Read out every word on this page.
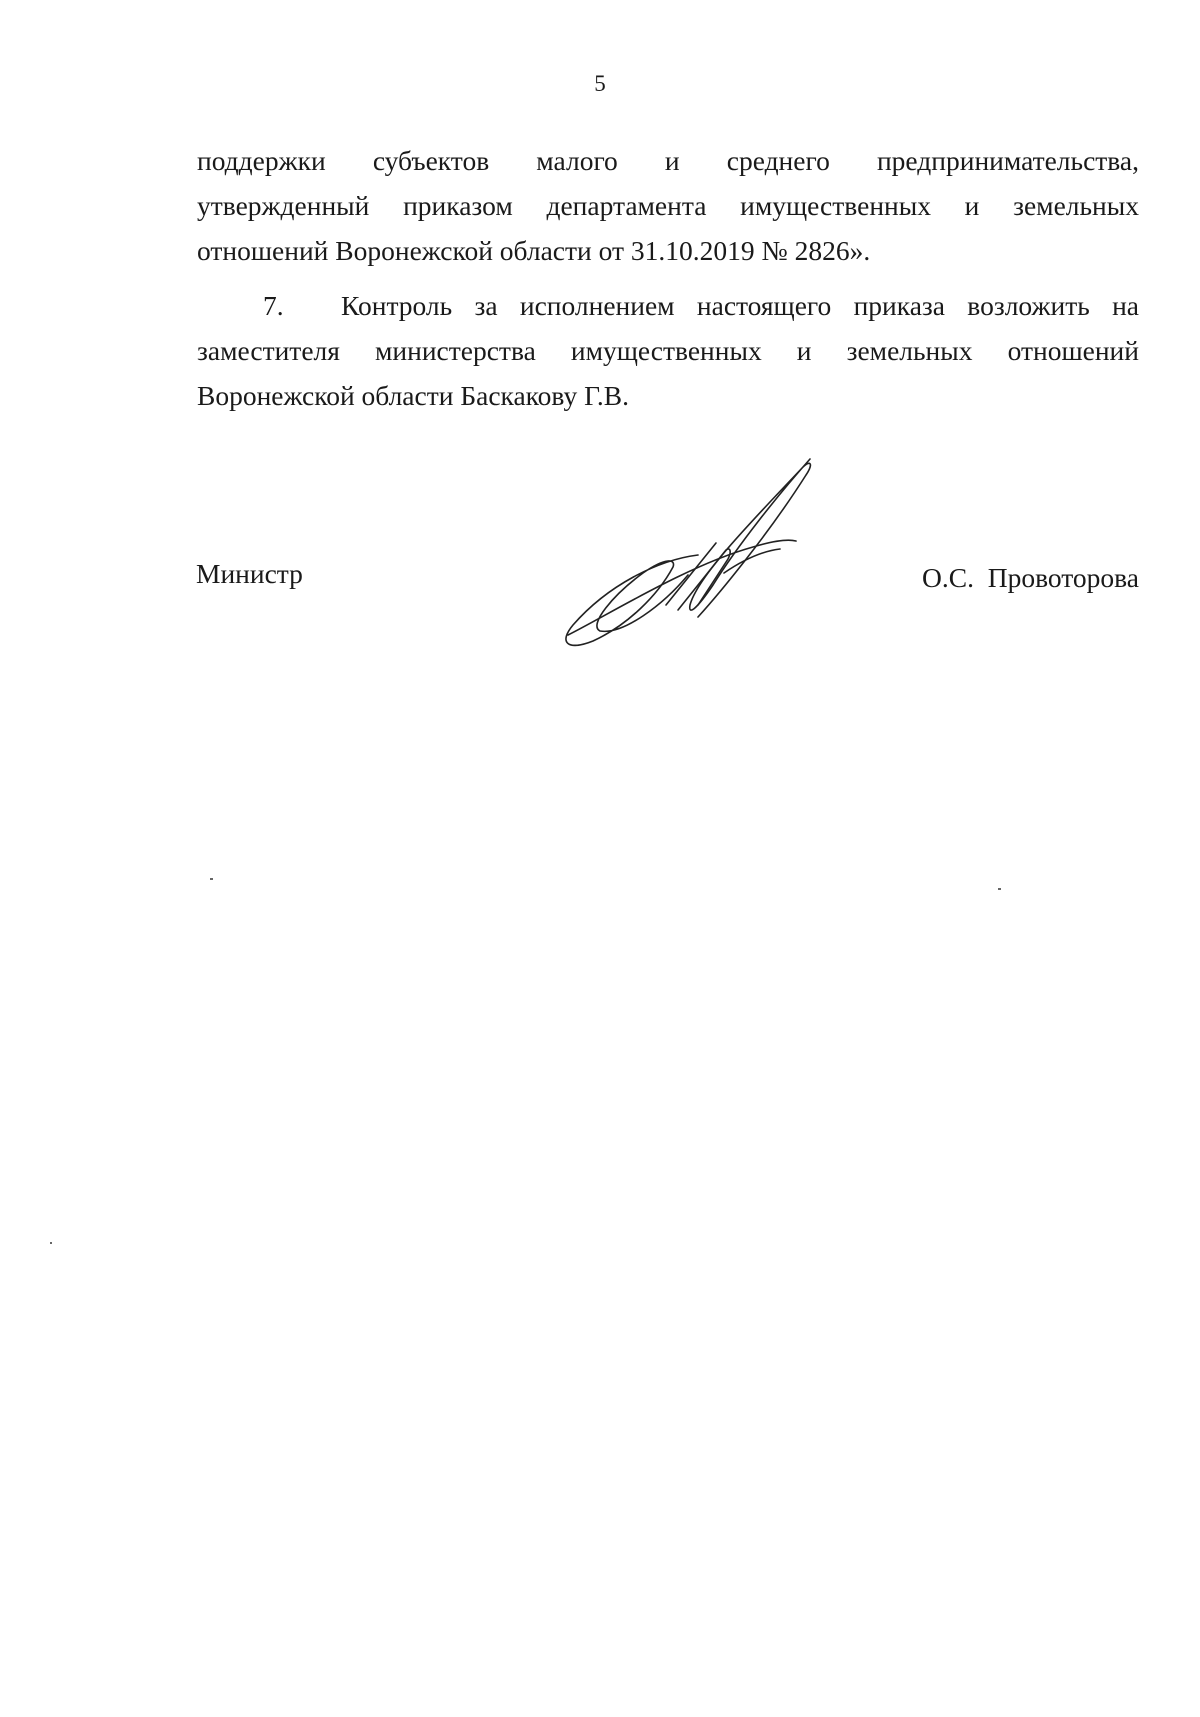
5
поддержки субъектов малого и среднего предпринимательства,
утвержденный приказом департамента имущественных и земельных
отношений Воронежской области от 31.10.2019 № 2826».
7. Контроль за исполнением настоящего приказа возложить на
заместителя министерства имущественных и земельных отношений
Воронежской области Баскакову Г.В.
Министр	О.С.  Провоторова
